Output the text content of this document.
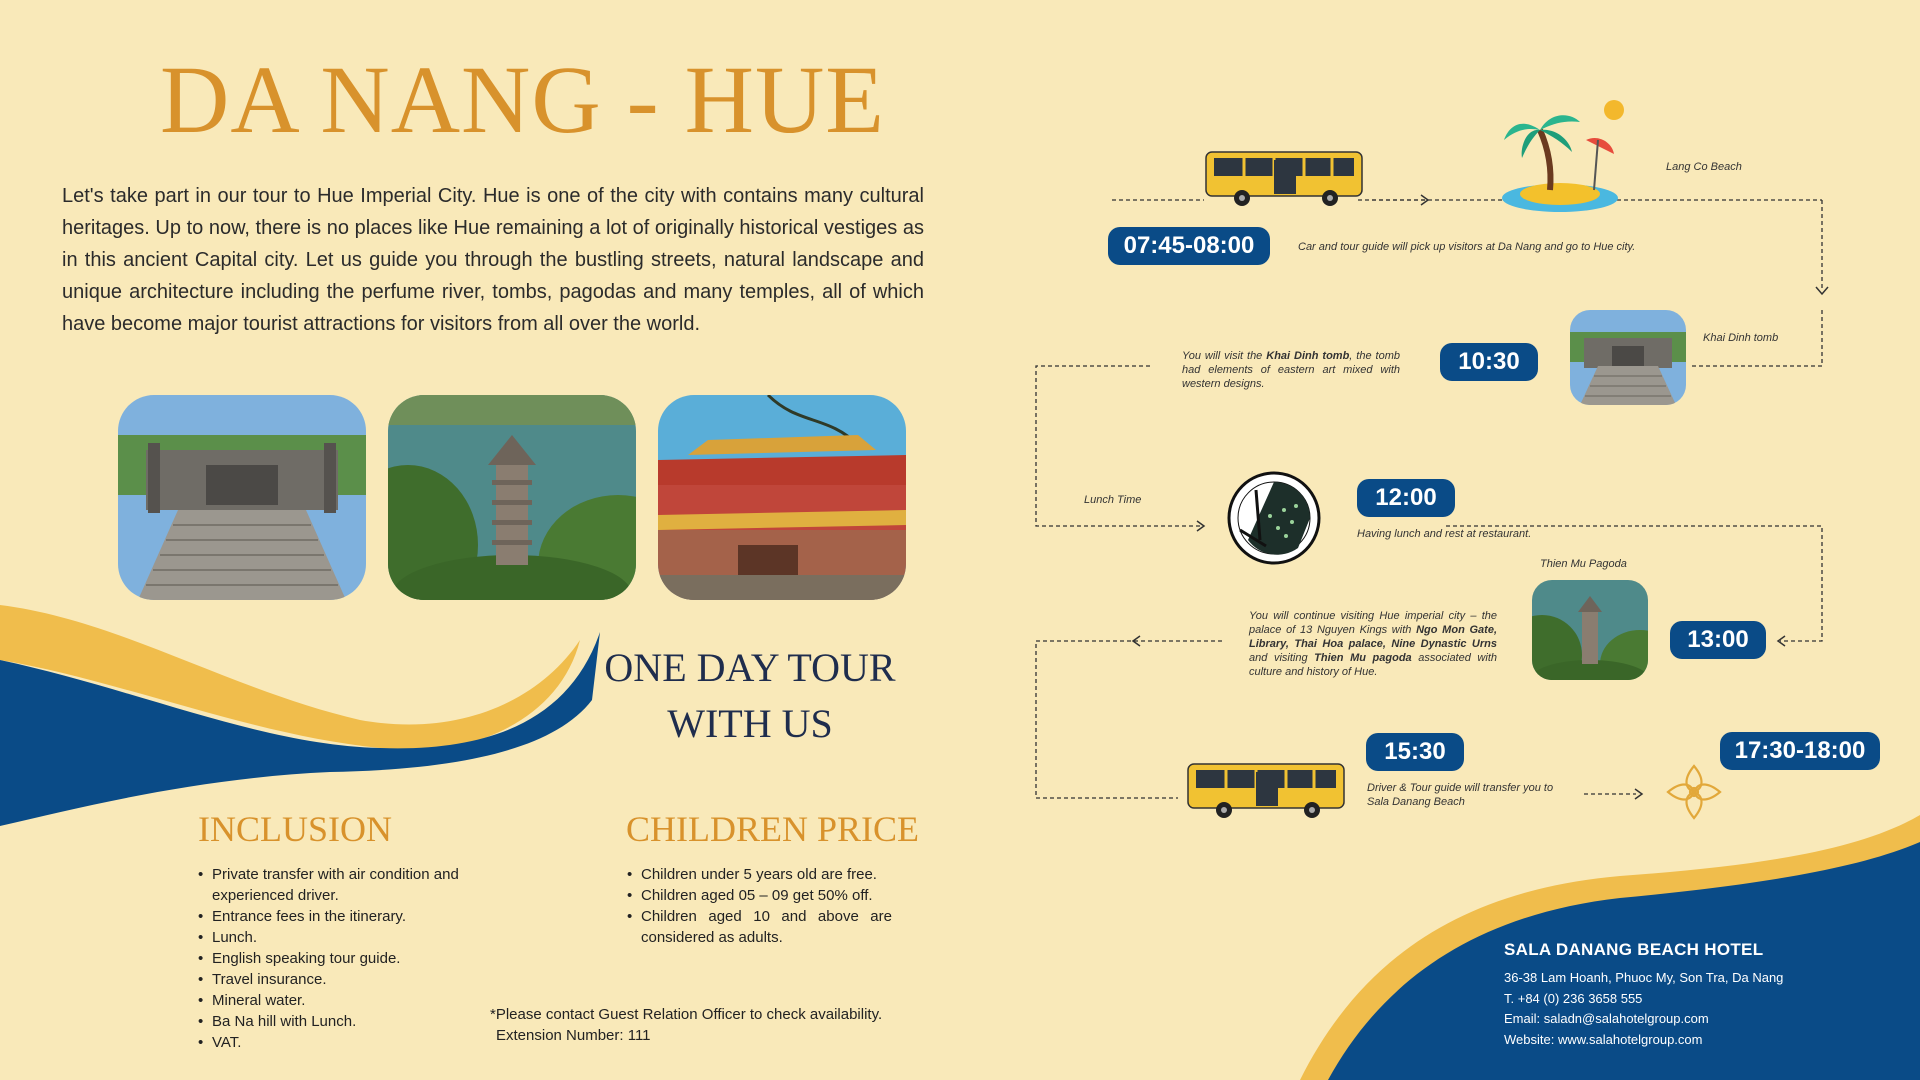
DA NANG - HUE
Let's take part in our tour to Hue Imperial City. Hue is one of the city with contains many cultural heritages. Up to now, there is no places like Hue remaining a lot of originally historical vestiges as in this ancient Capital city. Let us guide you through the bustling streets, natural landscape and unique architecture including the perfume river, tombs, pagodas and many temples, all of which have become major tourist attractions for visitors from all over the world.
ONE DAY TOUR
WITH US
INCLUSION
• Private transfer with air condition and experienced driver.
• Entrance fees in the itinerary.
• Lunch.
• English speaking tour guide.
• Travel insurance.
• Mineral water.
• Ba Na hill with Lunch.
• VAT.
CHILDREN PRICE
• Children under 5 years old are free.
• Children aged 05 – 09 get 50% off.
• Children aged 10 and above are considered as adults.
*Please contact Guest Relation Officer to check availability.
Extension Number: 111
Lang Co Beach
07:45-08:00	Car and tour guide will pick up visitors at Da Nang and go to Hue city.
You will visit the Khai Dinh tomb, the tomb had elements of eastern art mixed with western designs.
10:30
Khai Dinh tomb
Lunch Time	12:00
Having lunch and rest at restaurant.
Thien Mu Pagoda
You will continue visiting Hue imperial city – the palace of 13 Nguyen Kings with Ngo Mon Gate, Library, Thai Hoa palace, Nine Dynastic Urns and visiting Thien Mu pagoda associated with culture and history of Hue.
13:00
15:30
Driver & Tour guide will transfer you to Sala Danang Beach
17:30-18:00
SALA DANANG BEACH HOTEL
36-38 Lam Hoanh, Phuoc My, Son Tra, Da Nang
T. +84 (0) 236 3658 555
Email: saladn@salahotelgroup.com
Website: www.salahotelgroup.com
